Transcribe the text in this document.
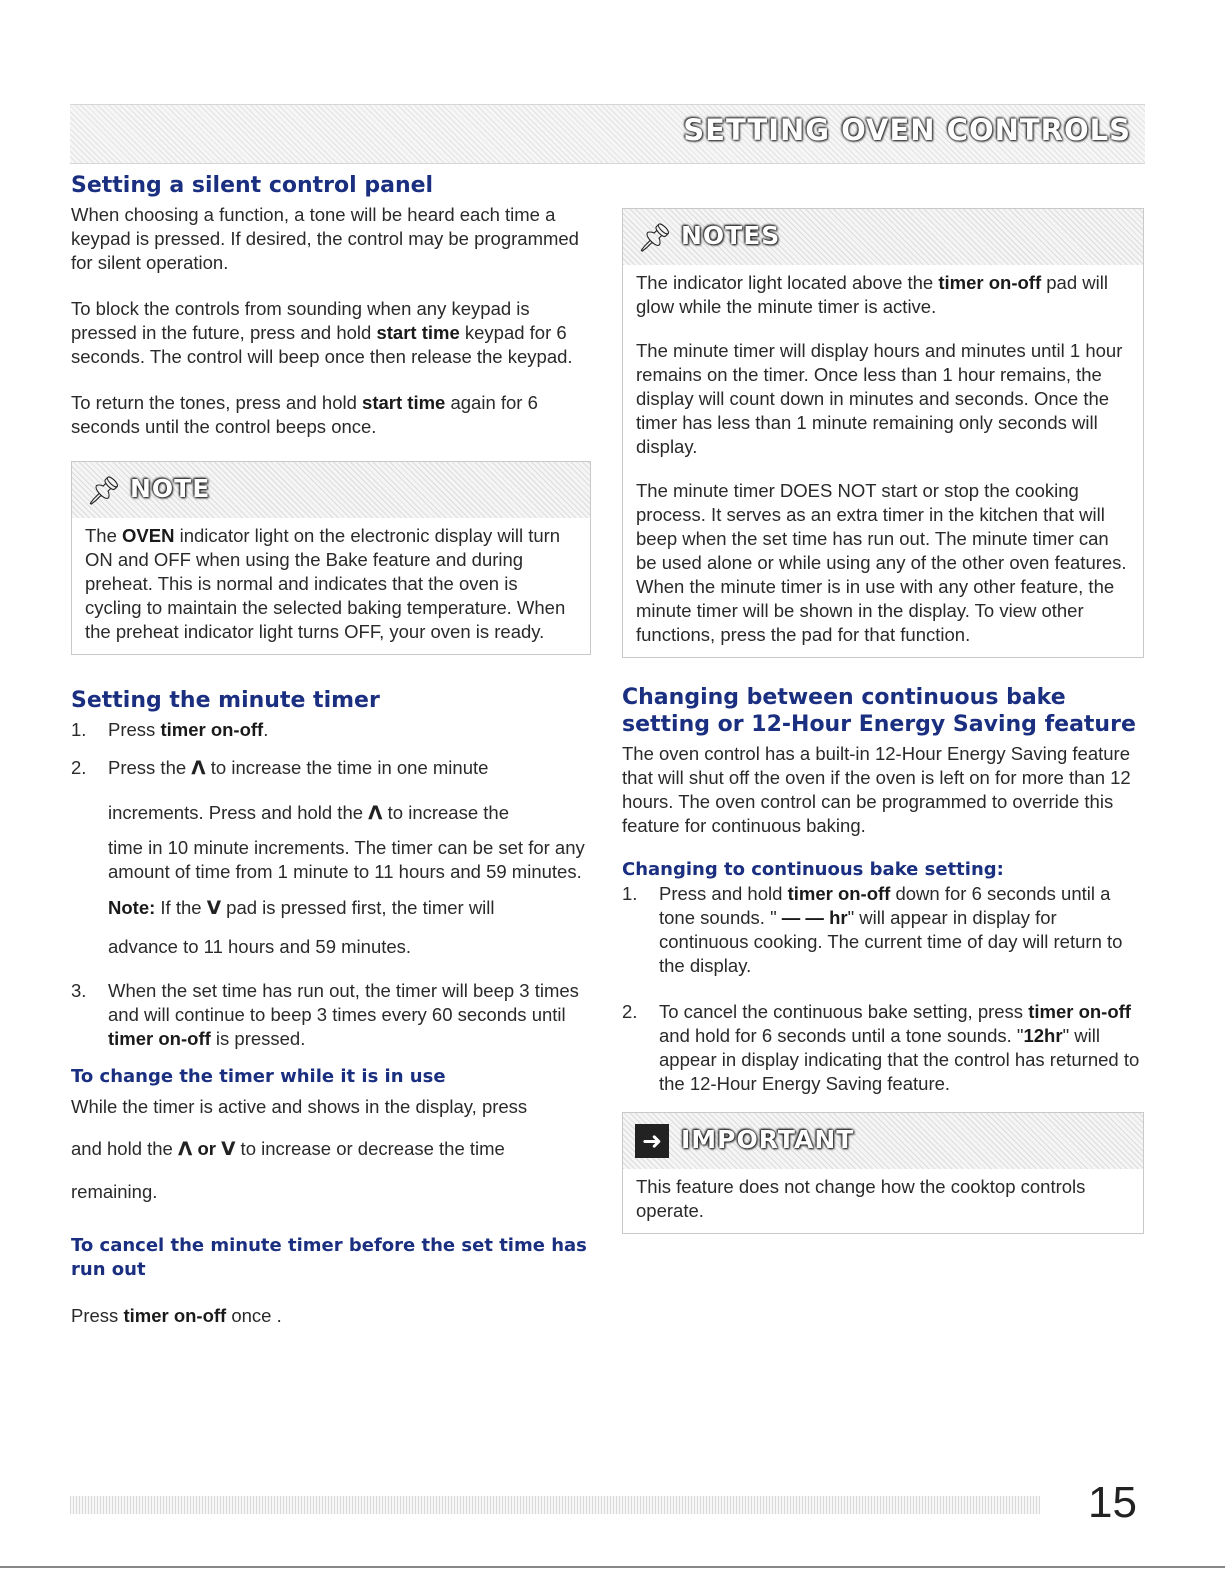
SETTING OVEN CONTROLS
Setting a silent control panel

When choosing a function, a tone will be heard each time a keypad is pressed. If desired, the control may be programmed for silent operation.

To block the controls from sounding when any keypad is pressed in the future, press and hold start time keypad for 6 seconds. The control will beep once then release the keypad.

To return the tones, press and hold start time again for 6 seconds until the control beeps once.

📌︎ NOTE

The OVEN indicator light on the electronic display will turn ON and OFF when using the Bake feature and during preheat. This is normal and indicates that the oven is cycling to maintain the selected baking temperature. When the preheat indicator light turns OFF, your oven is ready.

Setting the minute timer
1. Press timer on-off.
2. Press the Λ to increase the time in one minute
increments. Press and hold the Λ to increase the
time in 10 minute increments. The timer can be set for any amount of time from 1 minute to 11 hours and 59 minutes.
Note: If the V pad is pressed first, the timer will
advance to 11 hours and 59 minutes.
3. When the set time has run out, the timer will beep 3 times and will continue to beep 3 times every 60 seconds until timer on-off is pressed.
To change the timer while it is in use

While the timer is active and shows in the display, press

and hold the Λ or V to increase or decrease the time

remaining.

To cancel the minute timer before the set time has run out

Press timer on-off once .

📌︎ NOTES

The indicator light located above the timer on-off pad will glow while the minute timer is active.

The minute timer will display hours and minutes until 1 hour remains on the timer. Once less than 1 hour remains, the display will count down in minutes and seconds. Once the timer has less than 1 minute remaining only seconds will display.

The minute timer DOES NOT start or stop the cooking process. It serves as an extra timer in the kitchen that will beep when the set time has run out. The minute timer can be used alone or while using any of the other oven features. When the minute timer is in use with any other feature, the minute timer will be shown in the display. To view other functions, press the pad for that function.

Changing between continuous bake setting or 12-Hour Energy Saving feature

The oven control has a built-in 12-Hour Energy Saving feature that will shut off the oven if the oven is left on for more than 12 hours. The oven control can be programmed to override this feature for continuous baking.

Changing to continuous bake setting:
1. Press and hold timer on-off down for 6 seconds until a tone sounds. " — — hr" will appear in display for continuous cooking. The current time of day will return to the display.
2. To cancel the continuous bake setting, press timer on-off and hold for 6 seconds until a tone sounds. "12hr" will appear in display indicating that the control has returned to the 12-Hour Energy Saving feature.
➜ IMPORTANT

This feature does not change how the cooktop controls operate.

15
